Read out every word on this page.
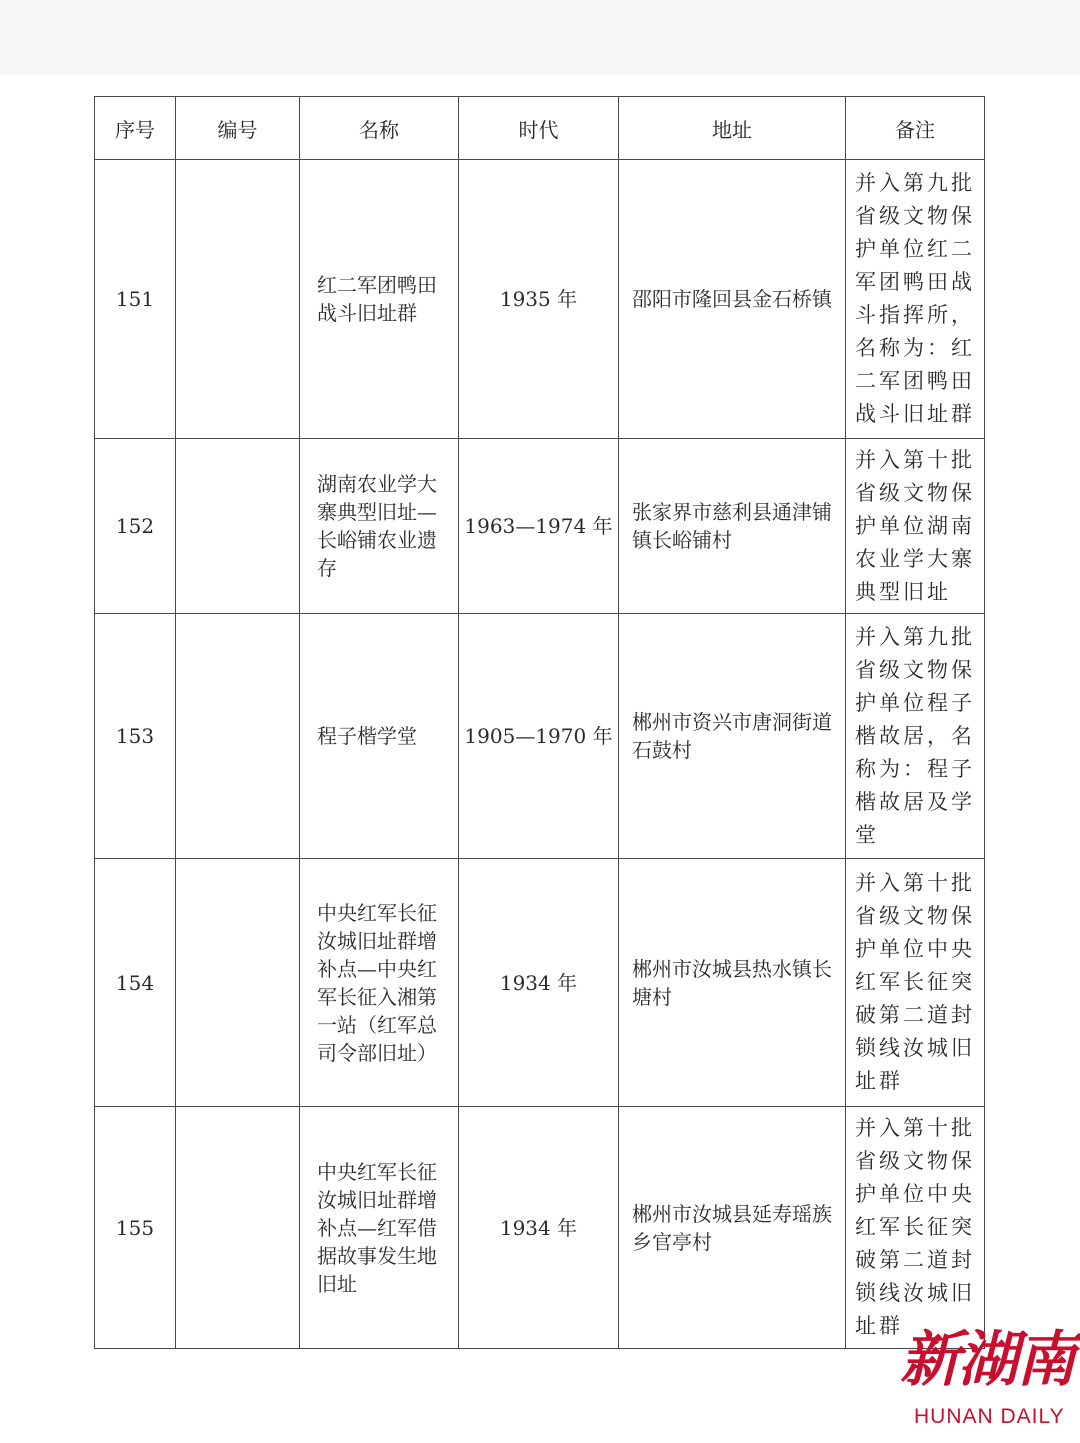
序号	编号	名称	时代	地址	备注
151		红二军团鸭田战斗旧址群	1935 年	邵阳市隆回县金石桥镇	并入第九批省级文物保护单位红二军团鸭田战斗指挥所，名称为：红二军团鸭田战斗旧址群

152		湖南农业学大寨典型旧址—长峪铺农业遗存	1963—1974 年	张家界市慈利县通津铺镇长峪铺村	并入第十批省级文物保护单位湖南农业学大寨典型旧址

153		程子楷学堂	1905—1970 年	郴州市资兴市唐洞街道石鼓村	并入第九批省级文物保护单位程子楷故居，名称为：程子楷故居及学堂

154		中央红军长征汝城旧址群增补点—中央红军长征入湘第一站（红军总司令部旧址）	1934 年	郴州市汝城县热水镇长塘村	并入第十批省级文物保护单位中央红军长征突破第二道封锁线汝城旧址群

155		中央红军长征汝城旧址群增补点—红军借据故事发生地旧址	1934 年	郴州市汝城县延寿瑶族乡官亭村	并入第十批省级文物保护单位中央红军长征突破第二道封锁线汝城旧址群
新湖南
HUNAN DAILY
